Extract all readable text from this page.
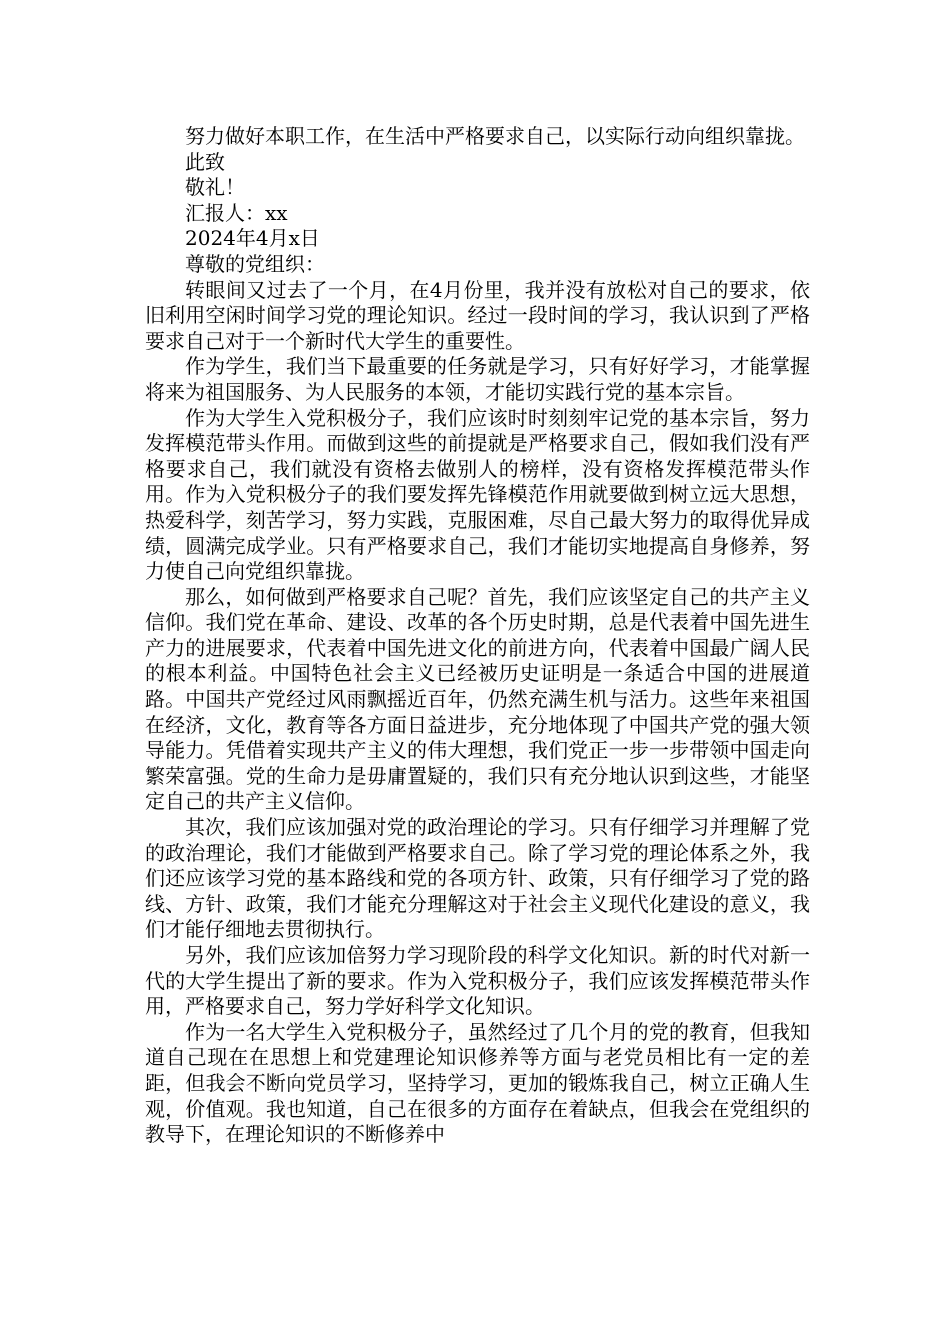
努力做好本职工作，在生活中严格要求自己，以实际行动向组织靠拢。

此致

敬礼！

汇报人：xx

2024年4月x日

尊敬的党组织：

转眼间又过去了一个月，在4月份里，我并没有放松对自己的要求，依旧利用空闲时间学习党的理论知识。经过一段时间的学习，我认识到了严格要求自己对于一个新时代大学生的重要性。

作为学生，我们当下最重要的任务就是学习，只有好好学习，才能掌握将来为祖国服务、为人民服务的本领，才能切实践行党的基本宗旨。

作为大学生入党积极分子，我们应该时时刻刻牢记党的基本宗旨，努力发挥模范带头作用。而做到这些的前提就是严格要求自己，假如我们没有严格要求自己，我们就没有资格去做别人的榜样，没有资格发挥模范带头作用。作为入党积极分子的我们要发挥先锋模范作用就要做到树立远大思想，热爱科学，刻苦学习，努力实践，克服困难，尽自己最大努力的取得优异成绩，圆满完成学业。只有严格要求自己，我们才能切实地提高自身修养，努力使自己向党组织靠拢。

那么，如何做到严格要求自己呢？首先，我们应该坚定自己的共产主义信仰。我们党在革命、建设、改革的各个历史时期，总是代表着中国先进生产力的进展要求，代表着中国先进文化的前进方向，代表着中国最广阔人民的根本利益。中国特色社会主义已经被历史证明是一条适合中国的进展道路。中国共产党经过风雨飘摇近百年，仍然充满生机与活力。这些年来祖国在经济，文化，教育等各方面日益进步，充分地体现了中国共产党的强大领导能力。凭借着实现共产主义的伟大理想，我们党正一步一步带领中国走向繁荣富强。党的生命力是毋庸置疑的，我们只有充分地认识到这些，才能坚定自己的共产主义信仰。

其次，我们应该加强对党的政治理论的学习。只有仔细学习并理解了党的政治理论，我们才能做到严格要求自己。除了学习党的理论体系之外，我们还应该学习党的基本路线和党的各项方针、政策，只有仔细学习了党的路线、方针、政策，我们才能充分理解这对于社会主义现代化建设的意义，我们才能仔细地去贯彻执行。

另外，我们应该加倍努力学习现阶段的科学文化知识。新的时代对新一代的大学生提出了新的要求。作为入党积极分子，我们应该发挥模范带头作用，严格要求自己，努力学好科学文化知识。

作为一名大学生入党积极分子，虽然经过了几个月的党的教育，但我知道自己现在在思想上和党建理论知识修养等方面与老党员相比有一定的差距，但我会不断向党员学习，坚持学习，更加的锻炼我自己，树立正确人生观，价值观。我也知道，自己在很多的方面存在着缺点，但我会在党组织的教导下，在理论知识的不断修养中
